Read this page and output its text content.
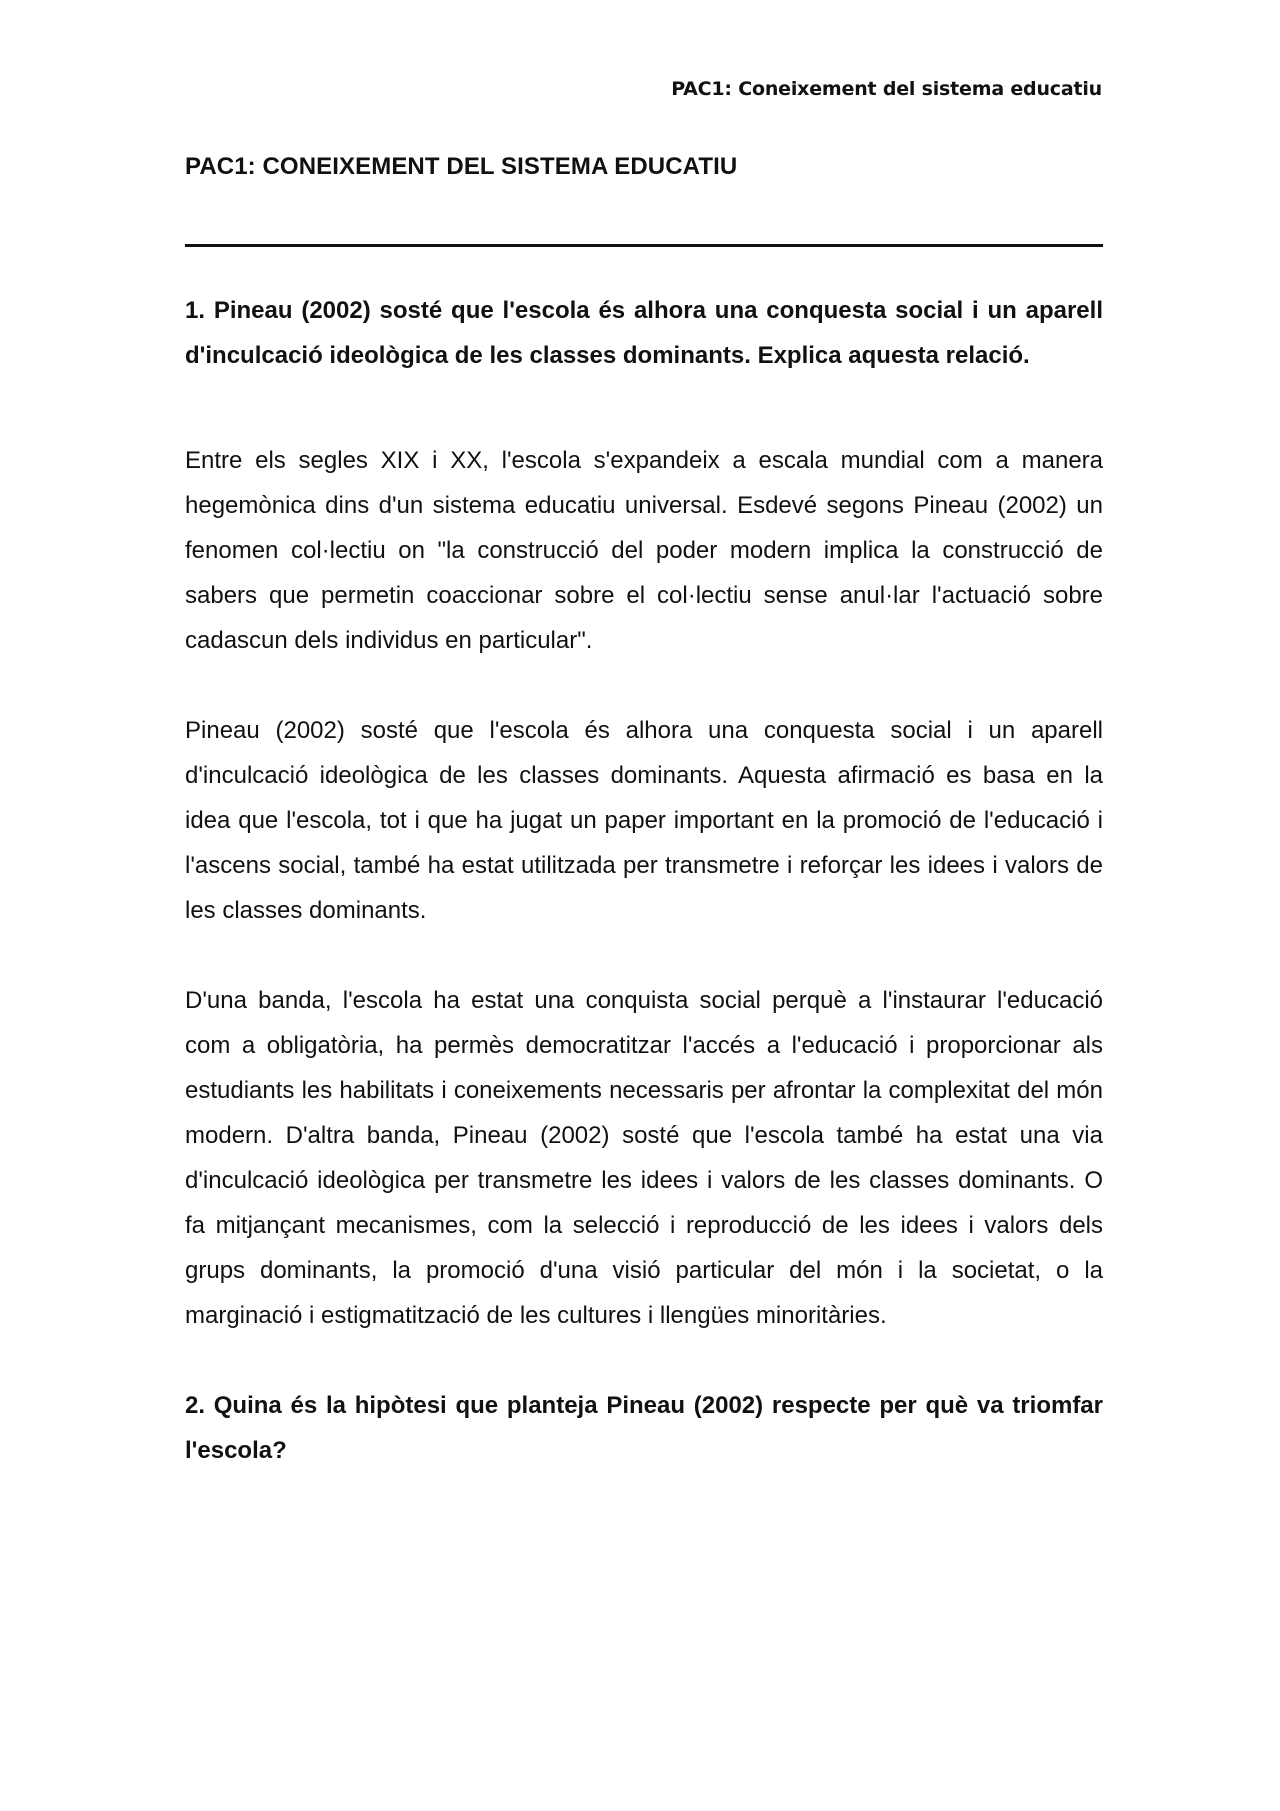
PAC1: Coneixement del sistema educatiu
PAC1: CONEIXEMENT DEL SISTEMA EDUCATIU

1. Pineau (2002) sosté que l'escola és alhora una conquesta social i un aparell d'inculcació ideològica de les classes dominants. Explica aquesta relació.

Entre els segles XIX i XX, l'escola s'expandeix a escala mundial com a manera hegemònica dins d'un sistema educatiu universal. Esdevé segons Pineau (2002) un fenomen col·lectiu on "la construcció del poder modern implica la construcció de sabers que permetin coaccionar sobre el col·lectiu sense anul·lar l'actuació sobre cadascun dels individus en particular".

Pineau (2002) sosté que l'escola és alhora una conquesta social i un aparell d'inculcació ideològica de les classes dominants. Aquesta afirmació es basa en la idea que l'escola, tot i que ha jugat un paper important en la promoció de l'educació i l'ascens social, també ha estat utilitzada per transmetre i reforçar les idees i valors de les classes dominants.

D'una banda, l'escola ha estat una conquista social perquè a l'instaurar l'educació com a obligatòria, ha permès democratitzar l'accés a l'educació i proporcionar als estudiants les habilitats i coneixements necessaris per afrontar la complexitat del món modern. D'altra banda, Pineau (2002) sosté que l'escola també ha estat una via d'inculcació ideològica per transmetre les idees i valors de les classes dominants. O fa mitjançant mecanismes, com la selecció i reproducció de les idees i valors dels grups dominants, la promoció d'una visió particular del món i la societat, o la marginació i estigmatització de les cultures i llengües minoritàries.

2. Quina és la hipòtesi que planteja Pineau (2002) respecte per què va triomfar l'escola?
